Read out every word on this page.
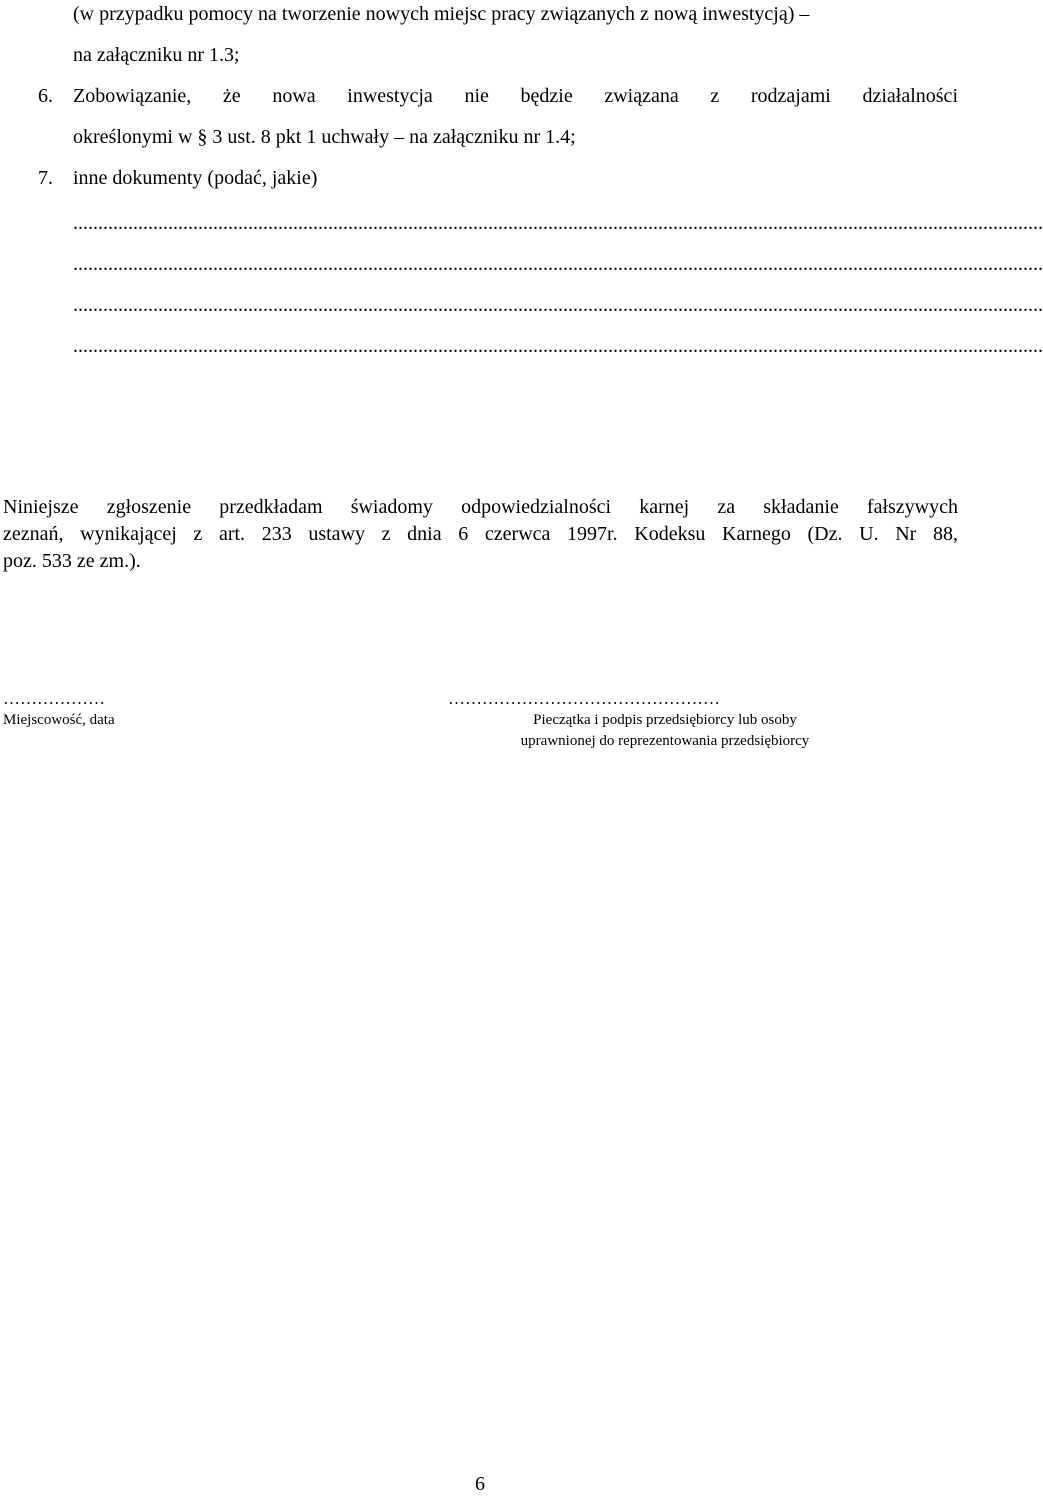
(w przypadku pomocy na tworzenie nowych miejsc pracy związanych z nową inwestycją) –
na załączniku nr 1.3;
6. Zobowiązanie, że nowa inwestycja nie będzie związana z rodzajami działalności
określonymi w § 3 ust. 8 pkt 1 uchwały – na załączniku nr 1.4;
7. inne dokumenty (podać, jakie)
..................................................................................................................................................................................................
..................................................................................................................................................................................................
..................................................................................................................................................................................................
..................................................................................................................................................................................................
Niniejsze zgłoszenie przedkładam świadomy odpowiedzialności karnej za składanie fałszywych
zeznań, wynikającej z art. 233 ustawy z dnia 6 czerwca 1997r. Kodeksu Karnego (Dz. U. Nr 88,
poz. 533 ze zm.).
………………
Miejscowość, data
…………………………………………
Pieczątka i podpis przedsiębiorcy lub osoby
uprawnionej do reprezentowania przedsiębiorcy
6
